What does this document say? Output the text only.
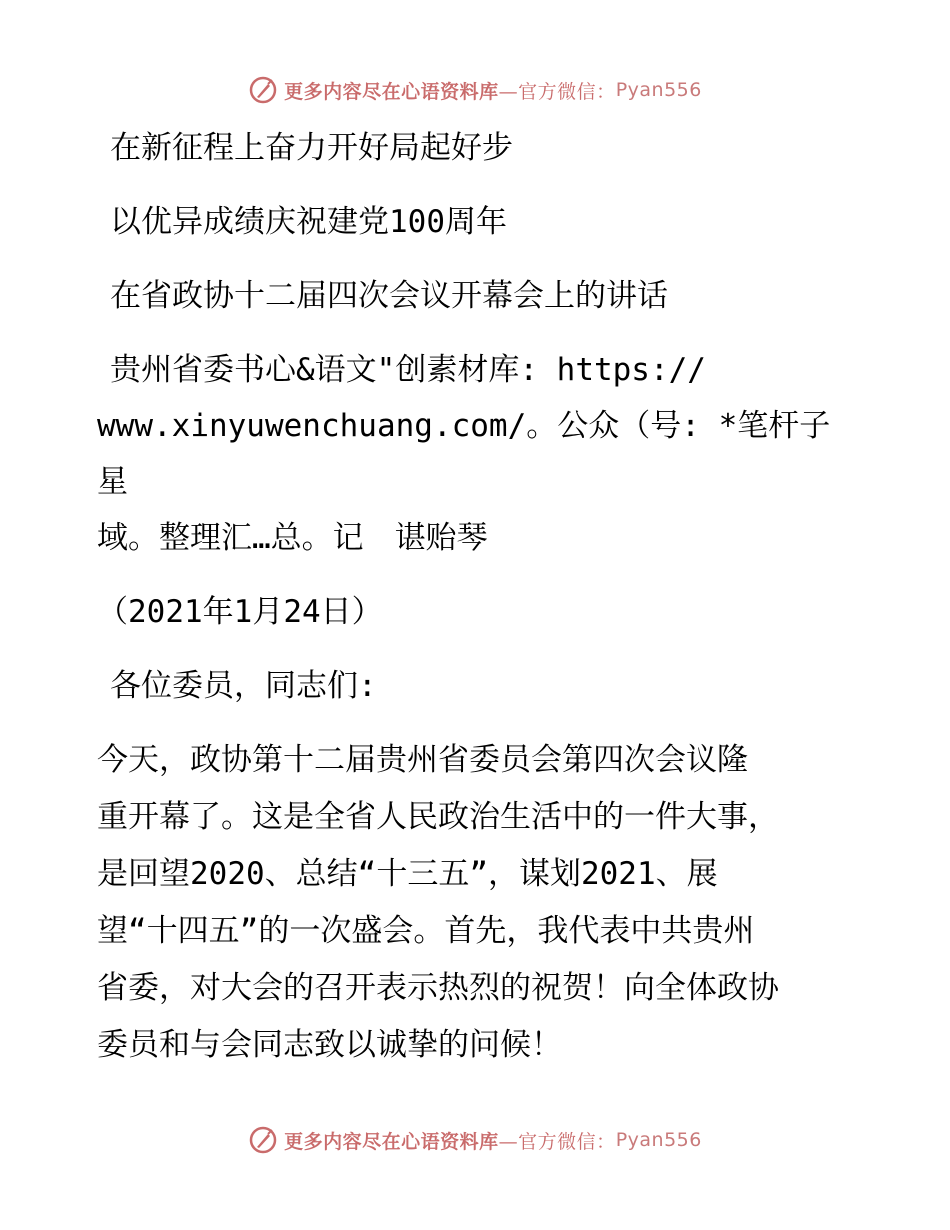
更多内容尽在心语资料库 —官方微信： Pyan556
在新征程上奋力开好局起好步
以优异成绩庆祝建党100周年
在省政协十二届四次会议开幕会上的讲话
贵州省委书心&语文"创素材库: https://
www.xinyuwenchuang.com/。公众（号: *笔杆子星
域。整理汇…总。记　谌贻琴
（2021年1月24日）
各位委员，同志们:
今天，政协第十二届贵州省委员会第四次会议隆
重开幕了。这是全省人民政治生活中的一件大事，
是回望2020、总结“十三五”，谋划2021、展
望“十四五”的一次盛会。首先，我代表中共贵州
省委，对大会的召开表示热烈的祝贺！向全体政协
委员和与会同志致以诚挚的问候！
更多内容尽在心语资料库 —官方微信： Pyan556
